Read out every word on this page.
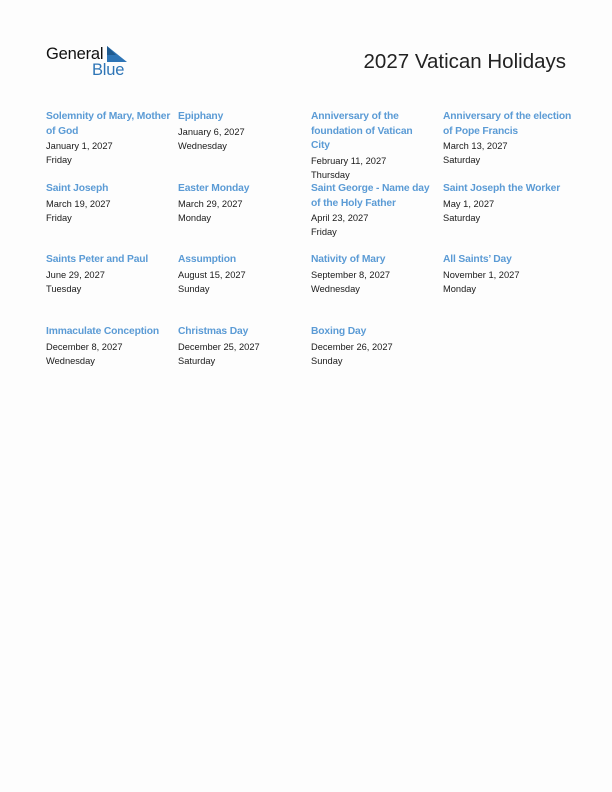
General
Blue	2027 Vatican Holidays
Solemnity of Mary, Mother of God
January 1, 2027
Friday
Epiphany
January 6, 2027
Wednesday
Anniversary of the foundation of Vatican City
February 11, 2027
Thursday
Anniversary of the election of Pope Francis
March 13, 2027
Saturday
Saint Joseph
March 19, 2027
Friday
Easter Monday
March 29, 2027
Monday
Saint George - Name day of the Holy Father
April 23, 2027
Friday
Saint Joseph the Worker
May 1, 2027
Saturday
Saints Peter and Paul
June 29, 2027
Tuesday
Assumption
August 15, 2027
Sunday
Nativity of Mary
September 8, 2027
Wednesday
All Saints’ Day
November 1, 2027
Monday
Immaculate Conception
December 8, 2027
Wednesday
Christmas Day
December 25, 2027
Saturday
Boxing Day
December 26, 2027
Sunday
